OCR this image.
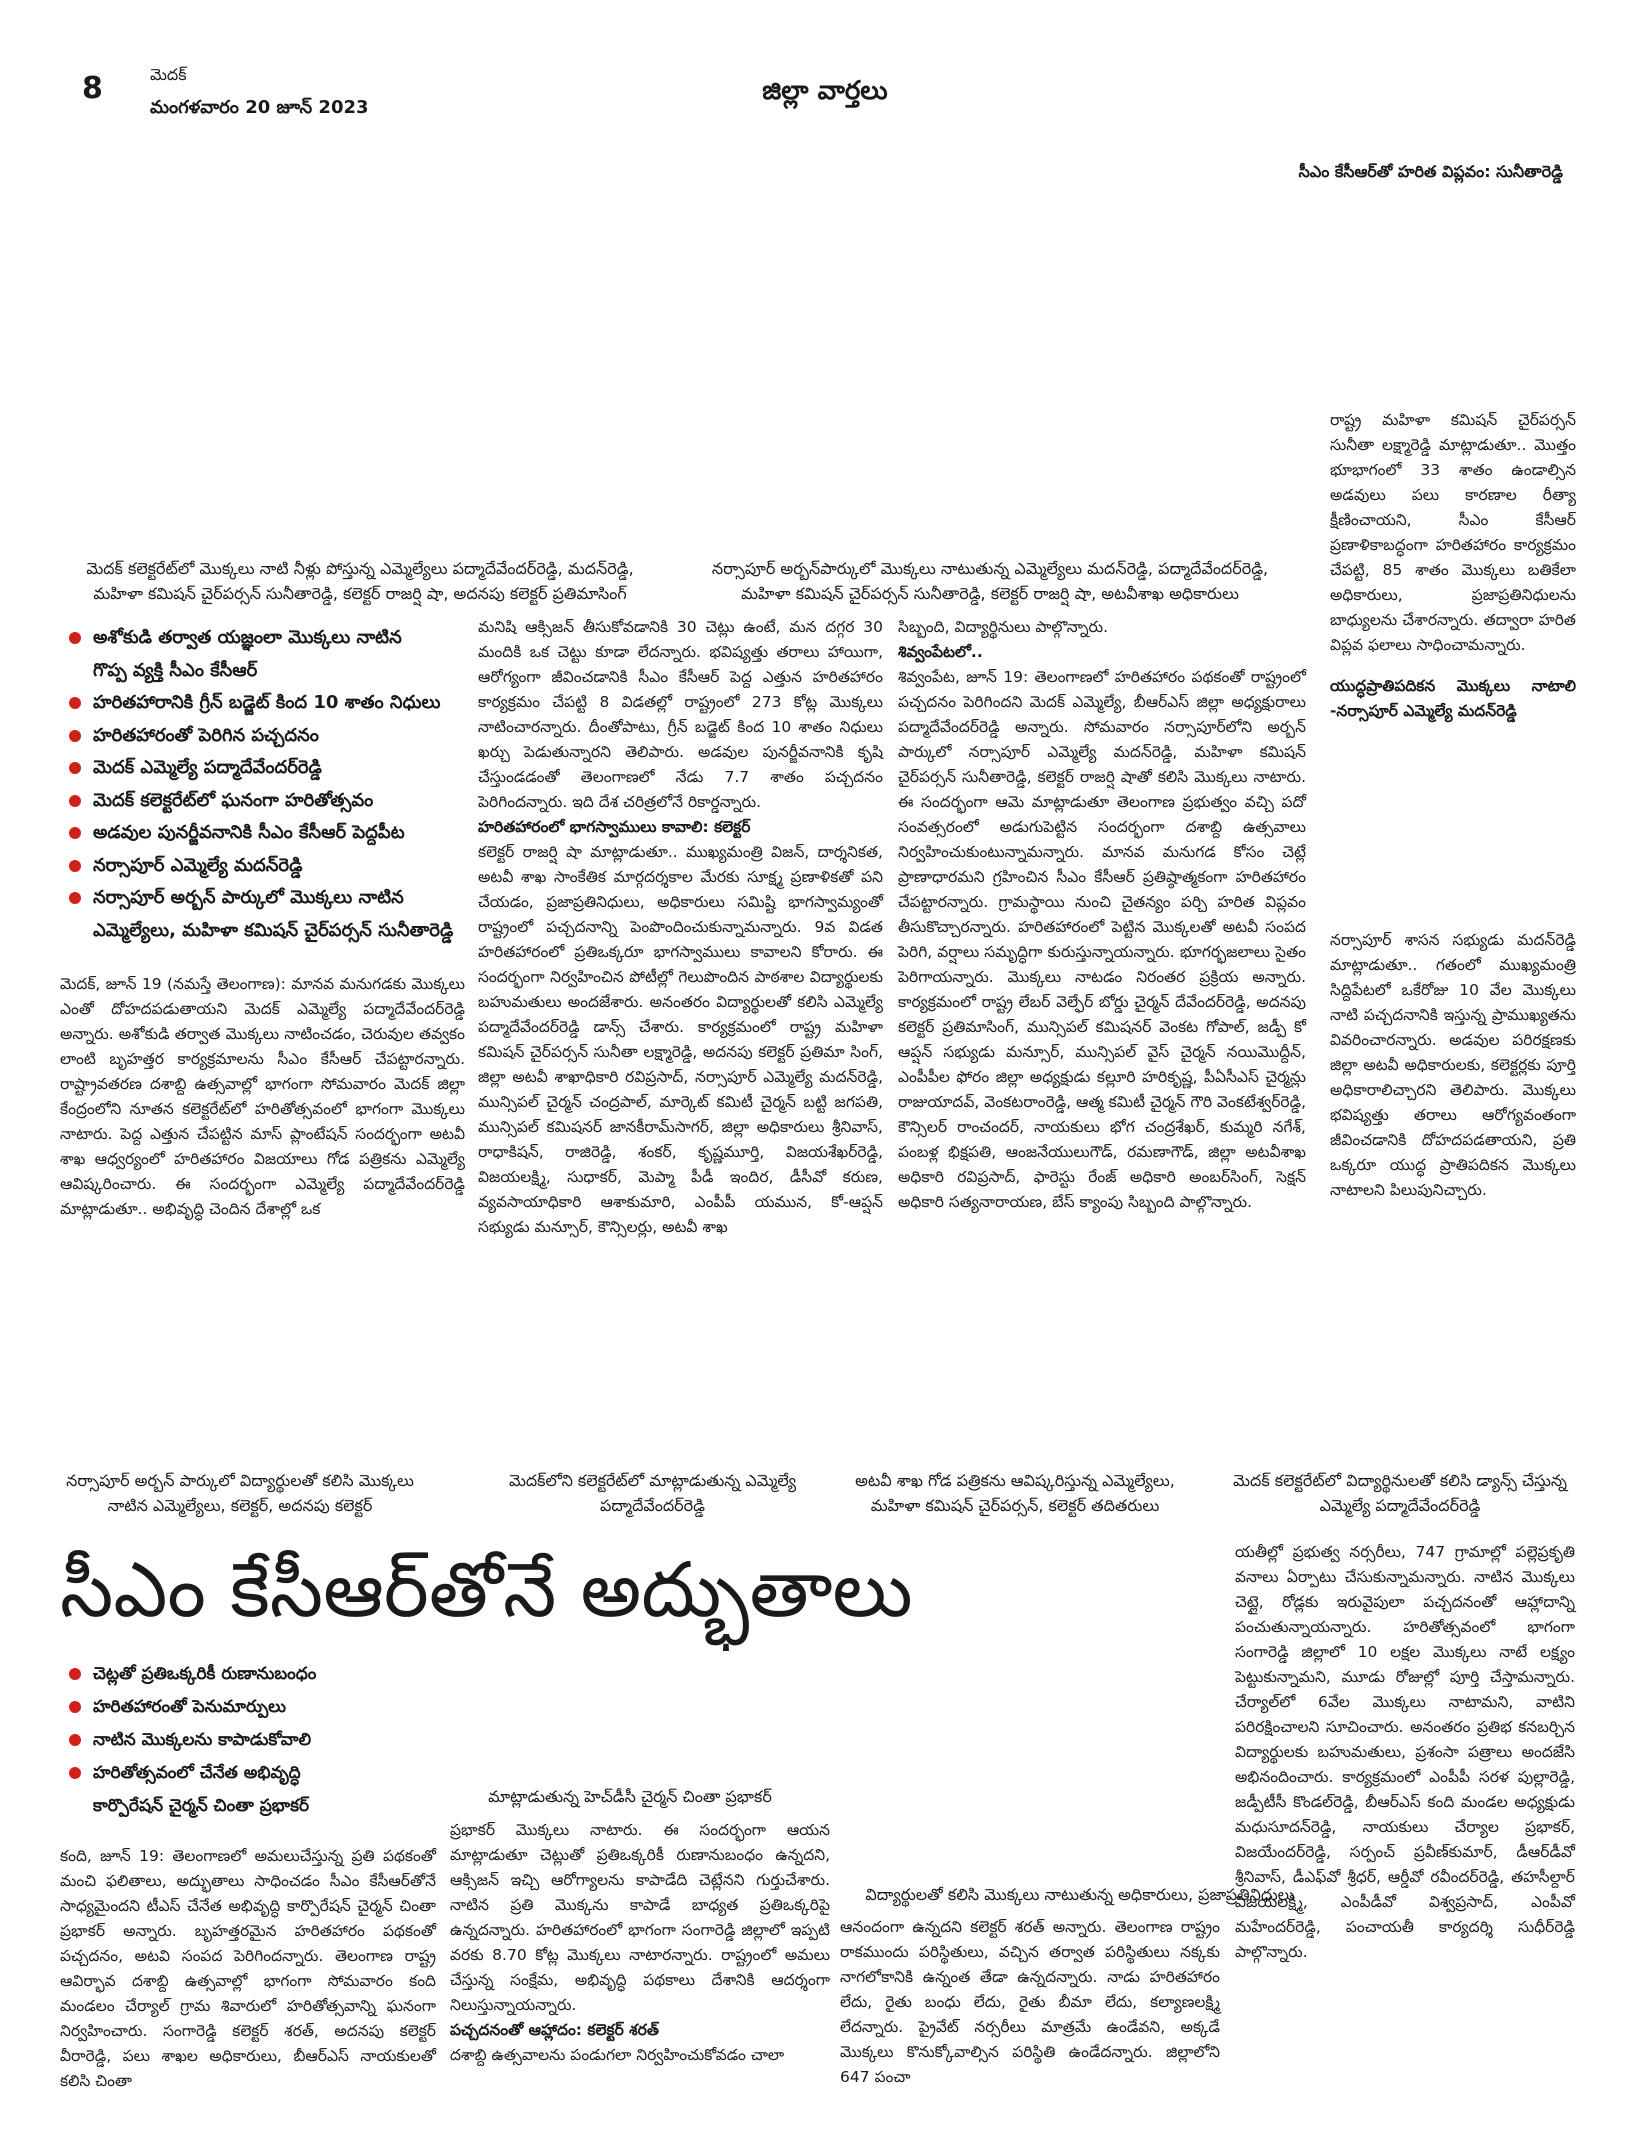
8	మెదక్
మంగళవారం 20 జూన్ 2023
జిల్లా వార్తలు
సీఎం కేసీఆర్‌తో హరిత విప్లవం: సునీతారెడ్డి
మెదక్ కలెక్టరేట్‌లో మొక్కలు నాటి నీళ్లు పోస్తున్న ఎమ్మెల్యేలు పద్మాదేవేందర్‌రెడ్డి, మదన్‌రెడ్డి, మహిళా కమిషన్ చైర్‌పర్సన్ సునీతారెడ్డి, కలెక్టర్ రాజర్షి షా, అదనపు కలెక్టర్ ప్రతిమాసింగ్
నర్సాపూర్ అర్బన్‌పార్కులో మొక్కలు నాటుతున్న ఎమ్మెల్యేలు మదన్‌రెడ్డి, పద్మాదేవేందర్‌రెడ్డి, మహిళా కమిషన్ చైర్‌పర్సన్ సునీతారెడ్డి, కలెక్టర్ రాజర్షి షా, అటవీశాఖ అధికారులు
అశోకుడి తర్వాత యజ్ఞంలా మొక్కలు నాటిన
గొప్ప వ్యక్తి సీఎం కేసీఆర్
హరితహారానికి గ్రీన్ బడ్జెట్ కింద 10 శాతం నిధులు
హరితహారంతో పెరిగిన పచ్చదనం
మెదక్ ఎమ్మెల్యే పద్మాదేవేందర్‌రెడ్డి
మెదక్ కలెక్టరేట్‌లో ఘనంగా హరితోత్సవం
అడవుల పునర్జీవనానికి సీఎం కేసీఆర్ పెద్దపీట
నర్సాపూర్ ఎమ్మెల్యే మదన్‌రెడ్డి
నర్సాపూర్ అర్బన్ పార్కులో మొక్కలు నాటిన
ఎమ్మెల్యేలు, మహిళా కమిషన్ చైర్‌పర్సన్ సునీతారెడ్డి

మెదక్, జూన్ 19 (నమస్తే తెలంగాణ): మానవ మనుగడకు మొక్కలు ఎంతో దోహదపడుతాయని మెదక్ ఎమ్మెల్యే పద్మాదేవేందర్‌రెడ్డి అన్నారు. అశోకుడి తర్వాత మొక్కలు నాటించడం, చెరువుల తవ్వకం లాంటి బృహత్తర కార్యక్రమాలను సీఎం కేసీఆర్ చేపట్టారన్నారు. రాష్ట్రావతరణ దశాబ్ది ఉత్సవాల్లో భాగంగా సోమవారం మెదక్ జిల్లా కేంద్రంలోని నూతన కలెక్టరేట్‌లో హరితోత్సవంలో భాగంగా మొక్కలు నాటారు. పెద్ద ఎత్తున చేపట్టిన మాస్ ప్లాంటేషన్ సందర్భంగా అటవీ శాఖ ఆధ్వర్యంలో హరితహారం విజయాలు గోడ పత్రికను ఎమ్మెల్యే ఆవిష్కరించారు. ఈ సందర్భంగా ఎమ్మెల్యే పద్మాదేవేందర్‌రెడ్డి మాట్లాడుతూ.. అభివృద్ధి చెందిన దేశాల్లో ఒక

మనిషి ఆక్సిజన్ తీసుకోవడానికి 30 చెట్లు ఉంటే, మన దగ్గర 30 మందికి ఒక చెట్టు కూడా లేదన్నారు. భవిష్యత్తు తరాలు హాయిగా, ఆరోగ్యంగా జీవించడానికి సీఎం కేసీఆర్ పెద్ద ఎత్తున హరితహారం కార్యక్రమం చేపట్టి 8 విడతల్లో రాష్ట్రంలో 273 కోట్ల మొక్కలు నాటించారన్నారు. దీంతోపాటు, గ్రీన్ బడ్జెట్ కింద 10 శాతం నిధులు ఖర్చు పెడుతున్నారని తెలిపారు. అడవుల పునర్జీవనానికి కృషి చేస్తుండడంతో తెలంగాణలో నేడు 7.7 శాతం పచ్చదనం పెరిగిందన్నారు. ఇది దేశ చరిత్రలోనే రికార్డన్నారు.

హరితహారంలో భాగస్వాములు కావాలి: కలెక్టర్

కలెక్టర్ రాజర్షి షా మాట్లాడుతూ.. ముఖ్యమంత్రి విజన్, దార్శనికత, అటవీ శాఖ సాంకేతిక మార్గదర్శకాల మేరకు సూక్ష్మ ప్రణాళికతో పని చేయడం, ప్రజాప్రతినిధులు, అధికారులు సమిష్టి భాగస్వామ్యంతో రాష్ట్రంలో పచ్చదనాన్ని పెంపొందించుకున్నామన్నారు. 9వ విడత హరితహారంలో ప్రతిఒక్కరూ భాగస్వాములు కావాలని కోరారు. ఈ సందర్భంగా నిర్వహించిన పోటీల్లో గెలుపొందిన పాఠశాల విద్యార్థులకు బహుమతులు అందజేశారు. అనంతరం విద్యార్థులతో కలిసి ఎమ్మెల్యే పద్మాదేవేందర్‌రెడ్డి డాన్స్ చేశారు. కార్యక్రమంలో రాష్ట్ర మహిళా కమిషన్ చైర్‌పర్సన్ సునీతా లక్ష్మారెడ్డి, అదనపు కలెక్టర్ ప్రతిమా సింగ్, జిల్లా అటవీ శాఖాధికారి రవిప్రసాద్, నర్సాపూర్ ఎమ్మెల్యే మదన్‌రెడ్డి, మున్సిపల్ చైర్మన్ చంద్రపాల్, మార్కెట్ కమిటీ చైర్మన్ బట్టి జగపతి, మున్సిపల్ కమిషనర్ జానకీరామ్‌సాగర్, జిల్లా అధికారులు శ్రీనివాస్, రాధాకిషన్, రాజిరెడ్డి, శంకర్, కృష్ణమూర్తి, విజయశేఖర్‌రెడ్డి, విజయలక్ష్మి, సుధాకర్, మెప్మా పీడీ ఇందిర, డీసీవో కరుణ, వ్యవసాయాధికారి ఆశాకుమారి, ఎంపీపీ యమున, కో-ఆప్షన్ సభ్యుడు మన్సూర్, కౌన్సిలర్లు, అటవీ శాఖ

సిబ్బంది, విద్యార్థినులు పాల్గొన్నారు.

శివ్వంపేటలో..

శివ్వంపేట, జూన్ 19: తెలంగాణలో హరితహారం పథకంతో రాష్ట్రంలో పచ్చదనం పెరిగిందని మెదక్ ఎమ్మెల్యే, బీఆర్‌ఎస్ జిల్లా అధ్యక్షురాలు పద్మాదేవేందర్‌రెడ్డి అన్నారు. సోమవారం నర్సాపూర్‌లోని అర్బన్ పార్కులో నర్సాపూర్ ఎమ్మెల్యే మదన్‌రెడ్డి, మహిళా కమిషన్ చైర్‌పర్సన్ సునీతారెడ్డి, కలెక్టర్ రాజర్షి షాతో కలిసి మొక్కలు నాటారు. ఈ సందర్భంగా ఆమె మాట్లాడుతూ తెలంగాణ ప్రభుత్వం వచ్చి పదో సంవత్సరంలో అడుగుపెట్టిన సందర్భంగా దశాబ్ది ఉత్సవాలు నిర్వహించుకుంటున్నామన్నారు. మానవ మనుగడ కోసం చెట్లే ప్రాణాధారమని గ్రహించిన సీఎం కేసీఆర్ ప్రతిష్ఠాత్మకంగా హరితహారం చేపట్టారన్నారు. గ్రామస్థాయి నుంచి చైతన్యం పర్చి హరిత విప్లవం తీసుకొచ్చారన్నారు. హరితహారంలో పెట్టిన మొక్కలతో అటవీ సంపద పెరిగి, వర్షాలు సమృద్ధిగా కురుస్తున్నాయన్నారు. భూగర్భజలాలు సైతం పెరిగాయన్నారు. మొక్కలు నాటడం నిరంతర ప్రక్రియ అన్నారు. కార్యక్రమంలో రాష్ట్ర లేబర్ వెల్ఫేర్ బోర్డు చైర్మన్ దేవేందర్‌రెడ్డి, అదనపు కలెక్టర్ ప్రతిమాసింగ్, మున్సిపల్ కమిషనర్ వెంకట గోపాల్, జడ్పీ కో ఆప్షన్ సభ్యుడు మన్సూర్, మున్సిపల్ వైస్ చైర్మన్ నయిమొద్దీన్, ఎంపీపీల ఫోరం జిల్లా అధ్యక్షుడు కల్లూరి హరికృష్ణ, పీఏసీఎస్ చైర్మన్లు రాజుయాదవ్, వెంకటరాంరెడ్డి, ఆత్మ కమిటీ చైర్మన్ గౌరి వెంకటేశ్వర్‌రెడ్డి, కౌన్సిలర్ రాంచందర్, నాయకులు భోగ చంద్రశేఖర్, కుమ్మరి నగేశ్, పంబళ్ల భిక్షపతి, ఆంజనేయులుగౌడ్, రమణాగౌడ్, జిల్లా అటవీశాఖ అధికారి రవిప్రసాద్, ఫారెస్టు రేంజ్ అధికారి అంబర్‌సింగ్, సెక్షన్ అధికారి సత్యనారాయణ, బేస్ క్యాంపు సిబ్బంది పాల్గొన్నారు.

రాష్ట్ర మహిళా కమిషన్ చైర్‌పర్సన్ సునీతా లక్ష్మారెడ్డి మాట్లాడుతూ.. మొత్తం భూభాగంలో 33 శాతం ఉండాల్సిన అడవులు పలు కారణాల రీత్యా క్షీణించాయని, సీఎం కేసీఆర్ ప్రణాళికాబద్ధంగా హరితహారం కార్యక్రమం చేపట్టి, 85 శాతం మొక్కలు బతికేలా అధికారులు, ప్రజాప్రతినిధులను బాధ్యులను చేశారన్నారు. తద్వారా హరిత విప్లవ ఫలాలు సాధించామన్నారు.

యుద్ధప్రాతిపదికన మొక్కలు నాటాలి -నర్సాపూర్ ఎమ్మెల్యే మదన్‌రెడ్డి

నర్సాపూర్ శాసన సభ్యుడు మదన్‌రెడ్డి మాట్లాడుతూ.. గతంలో ముఖ్యమంత్రి సిద్దిపేటలో ఒకేరోజు 10 వేల మొక్కలు నాటి పచ్చదనానికి ఇస్తున్న ప్రాముఖ్యతను వివరించారన్నారు. అడవుల పరిరక్షణకు జిల్లా అటవీ అధికారులకు, కలెక్టర్లకు పూర్తి అధికారాలిచ్చారని తెలిపారు. మొక్కలు భవిష్యత్తు తరాలు ఆరోగ్యవంతంగా జీవించడానికి దోహదపడతాయని, ప్రతి ఒక్కరూ యుద్ధ ప్రాతిపదికన మొక్కలు నాటాలని పిలుపునిచ్చారు.

నర్సాపూర్ అర్బన్ పార్కులో విద్యార్థులతో కలిసి మొక్కలు నాటిన ఎమ్మెల్యేలు, కలెక్టర్, అదనపు కలెక్టర్
మెదక్‌లోని కలెక్టరేట్‌లో మాట్లాడుతున్న ఎమ్మెల్యే పద్మాదేవేందర్‌రెడ్డి
అటవీ శాఖ గోడ పత్రికను ఆవిష్కరిస్తున్న ఎమ్మెల్యేలు, మహిళా కమిషన్ చైర్‌పర్సన్, కలెక్టర్ తదితరులు
మెదక్ కలెక్టరేట్‌లో విద్యార్థినులతో కలిసి డ్యాన్స్ చేస్తున్న ఎమ్మెల్యే పద్మాదేవేందర్‌రెడ్డి
సీఎం కేసీఆర్‌తోనే అద్భుతాలు
చెట్లతో ప్రతిఒక్కరికీ రుణానుబంధం
హరితహారంతో పెనుమార్పులు
నాటిన మొక్కలను కాపాడుకోవాలి
హరితోత్సవంలో చేనేత అభివృద్ధి
కార్పొరేషన్ చైర్మన్ చింతా ప్రభాకర్	మాట్లాడుతున్న హెచ్‌డీసీ చైర్మన్ చింతా ప్రభాకర్
విద్యార్థులతో కలిసి మొక్కలు నాటుతున్న అధికారులు, ప్రజాప్రతినిధులు

కంది, జూన్ 19: తెలంగాణలో అమలుచేస్తున్న ప్రతి పథకంతో మంచి ఫలితాలు, అద్భుతాలు సాధించడం సీఎం కేసీఆర్‌తోనే సాధ్యమైందని టీఎస్ చేనేత అభివృద్ధి కార్పొరేషన్ చైర్మన్ చింతా ప్రభాకర్ అన్నారు. బృహత్తరమైన హరితహారం పథకంతో పచ్చదనం, అటవి సంపద పెరిగిందన్నారు. తెలంగాణ రాష్ట్ర ఆవిర్భావ దశాబ్ది ఉత్సవాల్లో భాగంగా సోమవారం కంది మండలం చేర్యాల్ గ్రామ శివారులో హరితోత్సవాన్ని ఘనంగా నిర్వహించారు. సంగారెడ్డి కలెక్టర్ శరత్, అదనపు కలెక్టర్ వీరారెడ్డి, పలు శాఖల అధికారులు, బీఆర్‌ఎస్ నాయకులతో కలిసి చింతా

ప్రభాకర్ మొక్కలు నాటారు. ఈ సందర్భంగా ఆయన మాట్లాడుతూ చెట్లుతో ప్రతిఒక్కరికీ రుణానుబంధం ఉన్నదని, ఆక్సిజన్ ఇచ్చి ఆరోగ్యాలను కాపాడేది చెట్లేనని గుర్తుచేశారు. నాటిన ప్రతి మొక్కను కాపాడే బాధ్యత ప్రతిఒక్కరిపై ఉన్నదన్నారు. హరితహారంలో భాగంగా సంగారెడ్డి జిల్లాలో ఇప్పటి వరకు 8.70 కోట్ల మొక్కలు నాటారన్నారు. రాష్ట్రంలో అమలు చేస్తున్న సంక్షేమ, అభివృద్ధి పథకాలు దేశానికి ఆదర్శంగా నిలుస్తున్నాయన్నారు.

పచ్చదనంతో ఆహ్లాదం: కలెక్టర్ శరత్

దశాబ్ది ఉత్సవాలను పండుగలా నిర్వహించుకోవడం చాలా

ఆనందంగా ఉన్నదని కలెక్టర్ శరత్ అన్నారు. తెలంగాణ రాష్ట్రం రాకముందు పరిస్థితులు, వచ్చిన తర్వాత పరిస్థితులు నక్కకు నాగలోకానికి ఉన్నంత తేడా ఉన్నదన్నారు. నాడు హరితహారం లేదు, రైతు బంధు లేదు, రైతు బీమా లేదు, కల్యాణలక్ష్మి లేదన్నారు. ప్రైవేట్ నర్సరీలు మాత్రమే ఉండేవని, అక్కడే మొక్కలు కొనుక్కోవాల్సిన పరిస్థితి ఉండేదన్నారు. జిల్లాలోని 647 పంచా

యతీల్లో ప్రభుత్వ నర్సరీలు, 747 గ్రామాల్లో పల్లెప్రకృతి వనాలు ఏర్పాటు చేసుకున్నామన్నారు. నాటిన మొక్కలు చెట్లై, రోడ్లకు ఇరువైపులా పచ్చదనంతో ఆహ్లాదాన్ని పంచుతున్నాయన్నారు. హరితోత్సవంలో భాగంగా సంగారెడ్డి జిల్లాలో 10 లక్షల మొక్కలు నాటే లక్ష్యం పెట్టుకున్నామని, మూడు రోజుల్లో పూర్తి చేస్తామన్నారు. చేర్యాల్‌లో 6వేల మొక్కలు నాటామని, వాటిని పరిరక్షించాలని సూచించారు. అనంతరం ప్రతిభ కనబర్చిన విద్యార్థులకు బహుమతులు, ప్రశంసా పత్రాలు అందజేసి అభినందించారు. కార్యక్రమంలో ఎంపీపీ సరళ పుల్లారెడ్డి, జడ్పీటీసీ కొండల్‌రెడ్డి, బీఆర్‌ఎస్ కంది మండల అధ్యక్షుడు మధుసూదన్‌రెడ్డి, నాయకులు చేర్యాల ప్రభాకర్, విజయేందర్‌రెడ్డి, సర్పంచ్ ప్రవీణ్‌కుమార్, డీఆర్‌డీవో శ్రీనివాస్, డీఎఫ్‌వో శ్రీధర్, ఆర్డీవో రవీందర్‌రెడ్డి, తహసీల్దార్ విజయలక్ష్మి, ఎంపీడీవో విశ్వప్రసాద్, ఎంపీవో మహేందర్‌రెడ్డి, పంచాయతీ కార్యదర్శి సుధీర్‌రెడ్డి పాల్గొన్నారు.
